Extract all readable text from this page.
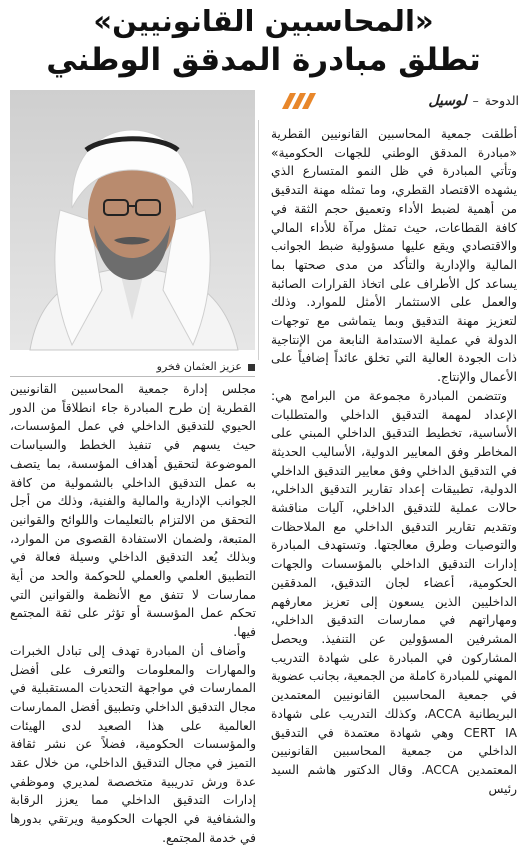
«المحاسبين القانونيين»
تطلق مبادرة المدقق الوطني
الدوحة
–
لوسيل
عزيز العثمان فخرو

أطلقت جمعية المحاسبين القانونيين القطرية «مبادرة المدقق الوطني للجهات الحكومية» وتأتي المبادرة في ظل النمو المتسارع الذي يشهده الاقتصاد القطري، وما تمثله مهنة التدقيق من أهمية لضبط الأداء وتعميق حجم الثقة في كافة القطاعات، حيث تمثل مرآة للأداء المالي والاقتصادي ويقع عليها مسؤولية ضبط الجوانب المالية والإدارية والتأكد من مدى صحتها بما يساعد كل الأطراف على اتخاذ القرارات الصائبة والعمل على الاستثمار الأمثل للموارد. وذلك لتعزيز مهنة التدقيق وبما يتماشى مع توجهات الدولة في عملية الاستدامة النابعة من الإنتاجية ذات الجودة العالية التي تخلق عائداً إضافياً على الأعمال والإنتاج.

وتتضمن المبادرة مجموعة من البرامج هي: الإعداد لمهمة التدقيق الداخلي والمتطلبات الأساسية، تخطيط التدقيق الداخلي المبني على المخاطر وفق المعايير الدولية، الأساليب الحديثة في التدقيق الداخلي وفق معايير التدقيق الداخلي الدولية، تطبيقات إعداد تقارير التدقيق الداخلي، حالات عملية للتدقيق الداخلي، آليات مناقشة وتقديم تقارير التدقيق الداخلي مع الملاحظات والتوصيات وطرق معالجتها. وتستهدف المبادرة إدارات التدقيق الداخلي بالمؤسسات والجهات الحكومية، أعضاء لجان التدقيق، المدققين الداخليين الذين يسعون إلى تعزيز معارفهم ومهاراتهم في ممارسات التدقيق الداخلي، المشرفين المسؤولين عن التنفيذ. ويحصل المشاركون في المبادرة على شهادة التدريب المهني للمبادرة كاملة من الجمعية، بجانب عضوية في جمعية المحاسبين القانونيين المعتمدين البريطانية ACCA، وكذلك التدريب على شهادة CERT IA وهي شهادة معتمدة في التدقيق الداخلي من جمعية المحاسبين القانونيين المعتمدين ACCA. وقال الدكتور هاشم السيد رئيس

مجلس إدارة جمعية المحاسبين القانونيين القطرية إن طرح المبادرة جاء انطلاقاً من الدور الحيوي للتدقيق الداخلي في عمل المؤسسات، حيث يسهم في تنفيذ الخطط والسياسات الموضوعة لتحقيق أهداف المؤسسة، بما يتصف به عمل التدقيق الداخلي بالشمولية من كافة الجوانب الإدارية والمالية والفنية، وذلك من أجل التحقق من الالتزام بالتعليمات واللوائح والقوانين المتبعة، ولضمان الاستفادة القصوى من الموارد، وبذلك يُعد التدقيق الداخلي وسيلة فعالة في التطبيق العلمي والعملي للحوكمة والحد من أية ممارسات لا تتفق مع الأنظمة والقوانين التي تحكم عمل المؤسسة أو تؤثر على ثقة المجتمع فيها.

وأضاف أن المبادرة تهدف إلى تبادل الخبرات والمهارات والمعلومات والتعرف على أفضل الممارسات في مواجهة التحديات المستقبلية في مجال التدقيق الداخلي وتطبيق أفضل الممارسات العالمية على هذا الصعيد لدى الهيئات والمؤسسات الحكومية، فضلاً عن نشر ثقافة التميز في مجال التدقيق الداخلي، من خلال عقد عدة ورش تدريبية متخصصة لمديري وموظفي إدارات التدقيق الداخلي مما يعزز الرقابة والشفافية في الجهات الحكومية ويرتقي بدورها في خدمة المجتمع.
